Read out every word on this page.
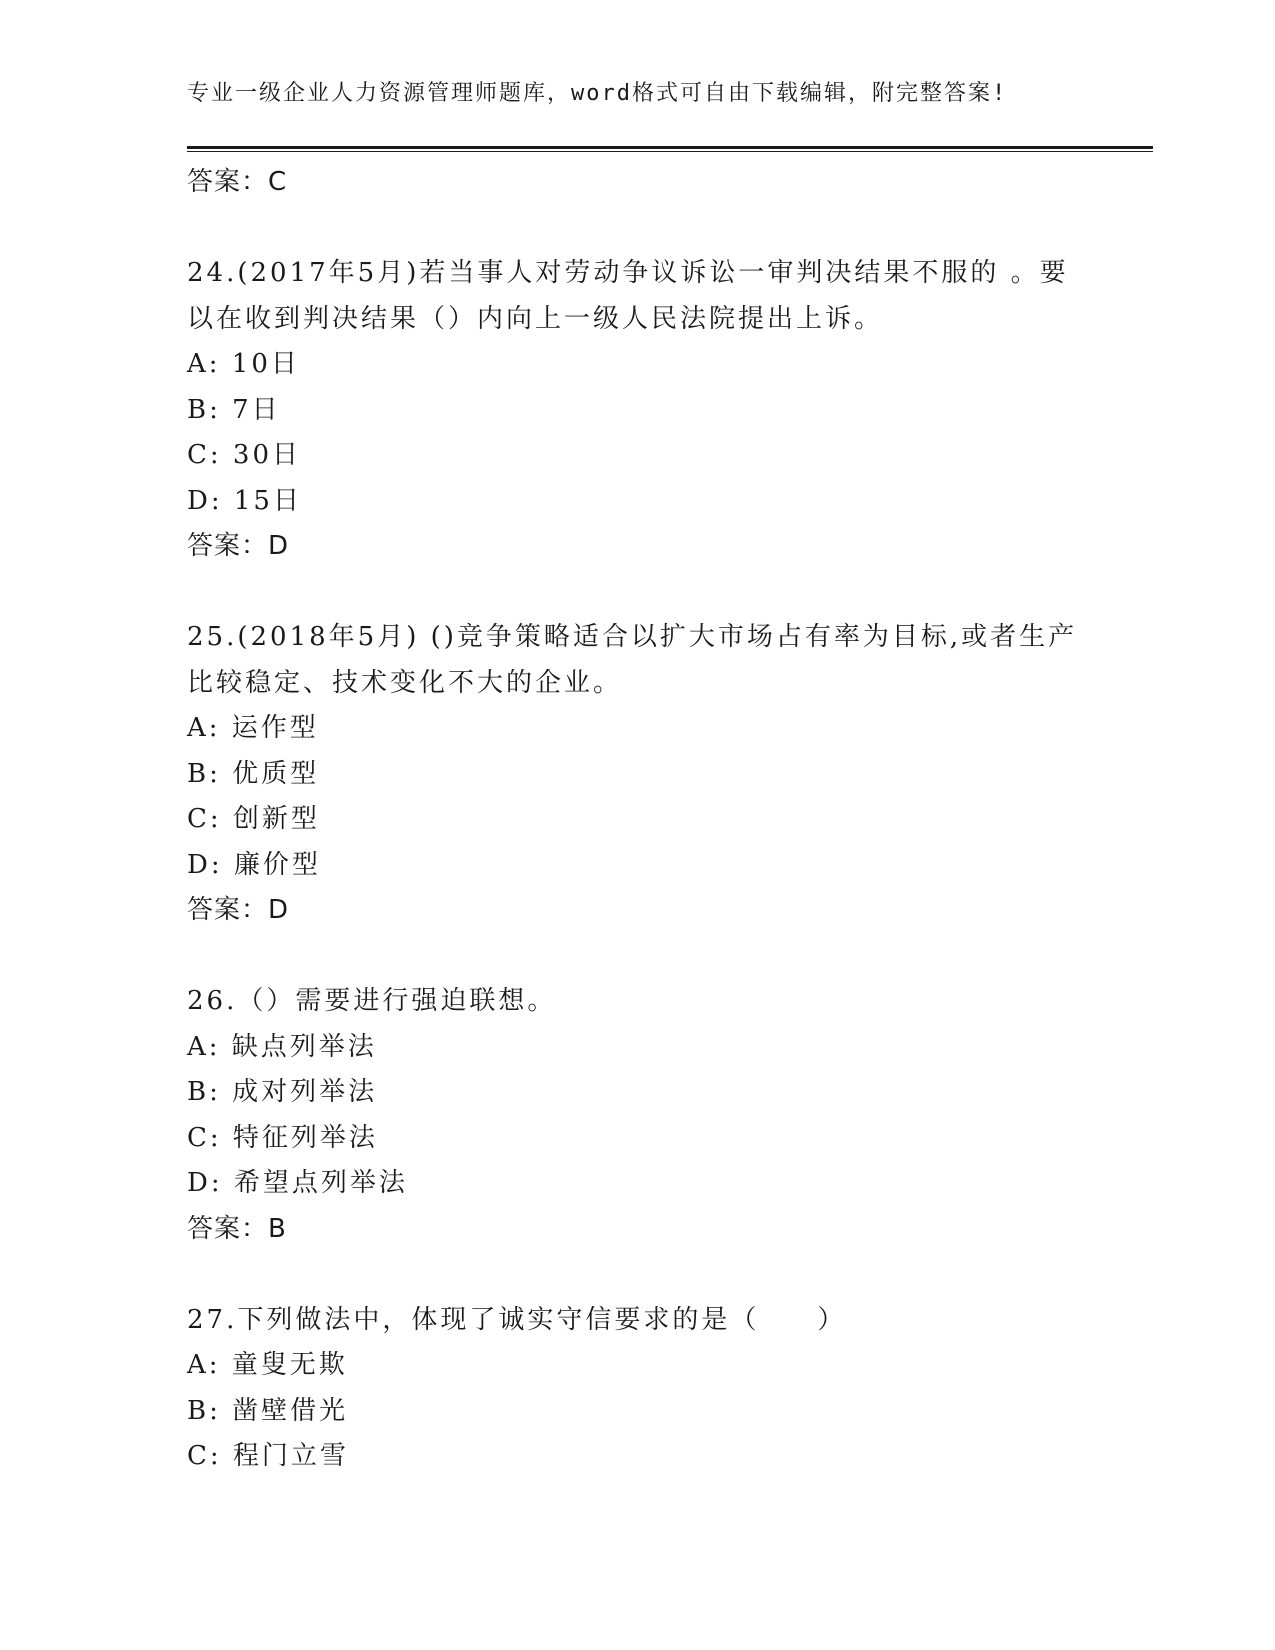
专业一级企业人力资源管理师题库，word格式可自由下载编辑，附完整答案!
答案：C
24.(2017年5月)若当事人对劳动争议诉讼一审判决结果不服的 。要
以在收到判决结果（）内向上一级人民法院提出上诉。
A: 10日
B: 7日
C: 30日
D: 15日
答案：D
25.(2018年5月) ()竞争策略适合以扩大市场占有率为目标,或者生产
比较稳定、技术变化不大的企业。
A: 运作型
B: 优质型
C: 创新型
D: 廉价型
答案：D
26.（）需要进行强迫联想。
A: 缺点列举法
B: 成对列举法
C: 特征列举法
D: 希望点列举法
答案：B
27.下列做法中，体现了诚实守信要求的是（　　）
A: 童叟无欺
B: 凿壁借光
C: 程门立雪
